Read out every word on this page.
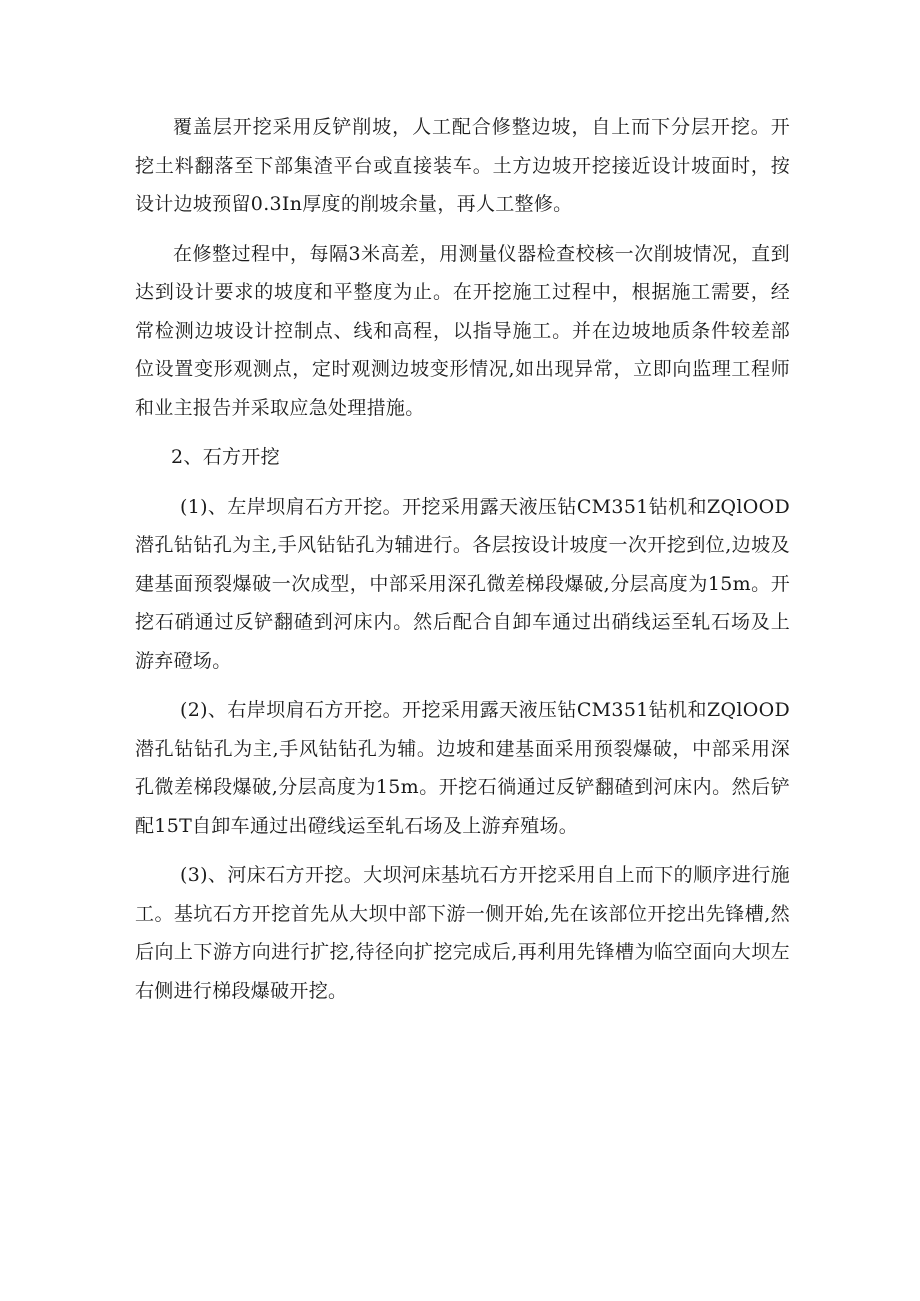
覆盖层开挖采用反铲削坡，人工配合修整边坡，自上而下分层开挖。开挖土料翻落至下部集渣平台或直接装车。土方边坡开挖接近设计坡面时，按设计边坡预留0.3In厚度的削坡余量，再人工整修。

在修整过程中，每隔3米高差，用测量仪器检查校核一次削坡情况，直到达到设计要求的坡度和平整度为止。在开挖施工过程中，根据施工需要，经常检测边坡设计控制点、线和高程，以指导施工。并在边坡地质条件较差部位设置变形观测点，定时观测边坡变形情况,如出现异常，立即向监理工程师和业主报告并采取应急处理措施。

2、石方开挖

(1)、左岸坝肩石方开挖。开挖采用露天液压钻CM351钻机和ZQlOOD潜孔钻钻孔为主,手风钻钻孔为辅进行。各层按设计坡度一次开挖到位,边坡及建基面预裂爆破一次成型，中部采用深孔微差梯段爆破,分层高度为15m。开挖石硝通过反铲翻碴到河床内。然后配合自卸车通过出硝线运至轧石场及上游弃磴场。

(2)、右岸坝肩石方开挖。开挖采用露天液压钻CM351钻机和ZQlOOD潜孔钻钻孔为主,手风钻钻孔为辅。边坡和建基面采用预裂爆破，中部采用深孔微差梯段爆破,分层高度为15m。开挖石徜通过反铲翻碴到河床内。然后铲配15T自卸车通过出磴线运至轧石场及上游弃殖场。

(3)、河床石方开挖。大坝河床基坑石方开挖采用自上而下的顺序进行施工。基坑石方开挖首先从大坝中部下游一侧开始,先在该部位开挖出先锋槽,然后向上下游方向进行扩挖,待径向扩挖完成后,再利用先锋槽为临空面向大坝左右侧进行梯段爆破开挖。
